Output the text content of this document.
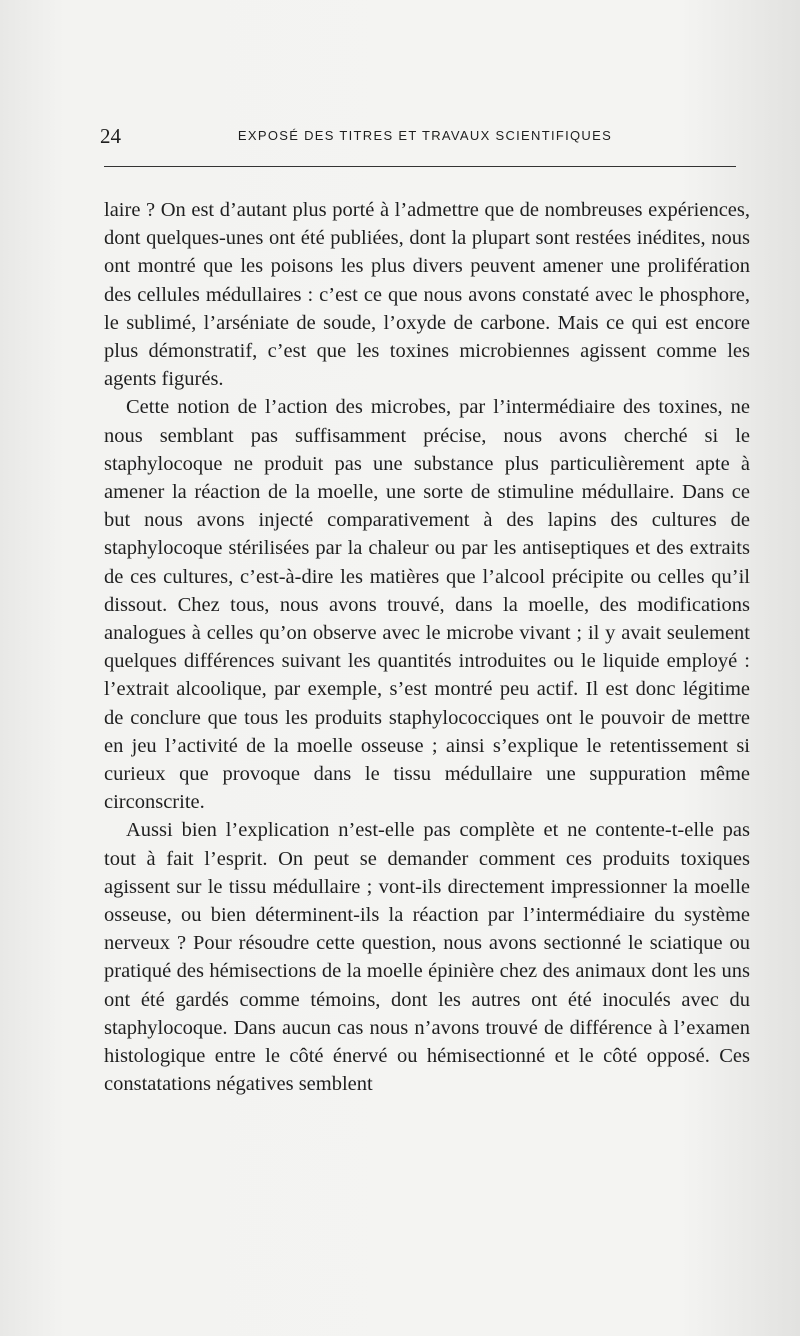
24	EXPOSÉ DES TITRES ET TRAVAUX SCIENTIFIQUES

laire ? On est d’autant plus porté à l’admettre que de nombreuses expériences, dont quelques-unes ont été publiées, dont la plupart sont restées inédites, nous ont montré que les poisons les plus divers peuvent amener une prolifération des cellules médullaires : c’est ce que nous avons constaté avec le phosphore, le sublimé, l’arséniate de soude, l’oxyde de carbone. Mais ce qui est encore plus démonstratif, c’est que les toxines microbiennes agissent comme les agents figurés.

Cette notion de l’action des microbes, par l’intermédiaire des toxines, ne nous semblant pas suffisamment précise, nous avons cherché si le staphylocoque ne produit pas une substance plus particulièrement apte à amener la réaction de la moelle, une sorte de stimuline médullaire. Dans ce but nous avons injecté comparativement à des lapins des cultures de staphylocoque stérilisées par la chaleur ou par les antiseptiques et des extraits de ces cultures, c’est-à-dire les matières que l’alcool précipite ou celles qu’il dissout. Chez tous, nous avons trouvé, dans la moelle, des modifications analogues à celles qu’on observe avec le microbe vivant ; il y avait seulement quelques différences suivant les quantités introduites ou le liquide employé : l’extrait alcoolique, par exemple, s’est montré peu actif. Il est donc légitime de conclure que tous les produits staphylococciques ont le pouvoir de mettre en jeu l’activité de la moelle osseuse ; ainsi s’explique le retentissement si curieux que provoque dans le tissu médullaire une suppuration même circonscrite.

Aussi bien l’explication n’est-elle pas complète et ne contente-t-elle pas tout à fait l’esprit. On peut se demander comment ces produits toxiques agissent sur le tissu médullaire ; vont-ils directement impressionner la moelle osseuse, ou bien déterminent-ils la réaction par l’intermédiaire du système nerveux ? Pour résoudre cette question, nous avons sectionné le sciatique ou pratiqué des hémisections de la moelle épinière chez des animaux dont les uns ont été gardés comme témoins, dont les autres ont été inoculés avec du staphylocoque. Dans aucun cas nous n’avons trouvé de différence à l’examen histologique entre le côté énervé ou hémisectionné et le côté opposé. Ces constatations négatives semblent
